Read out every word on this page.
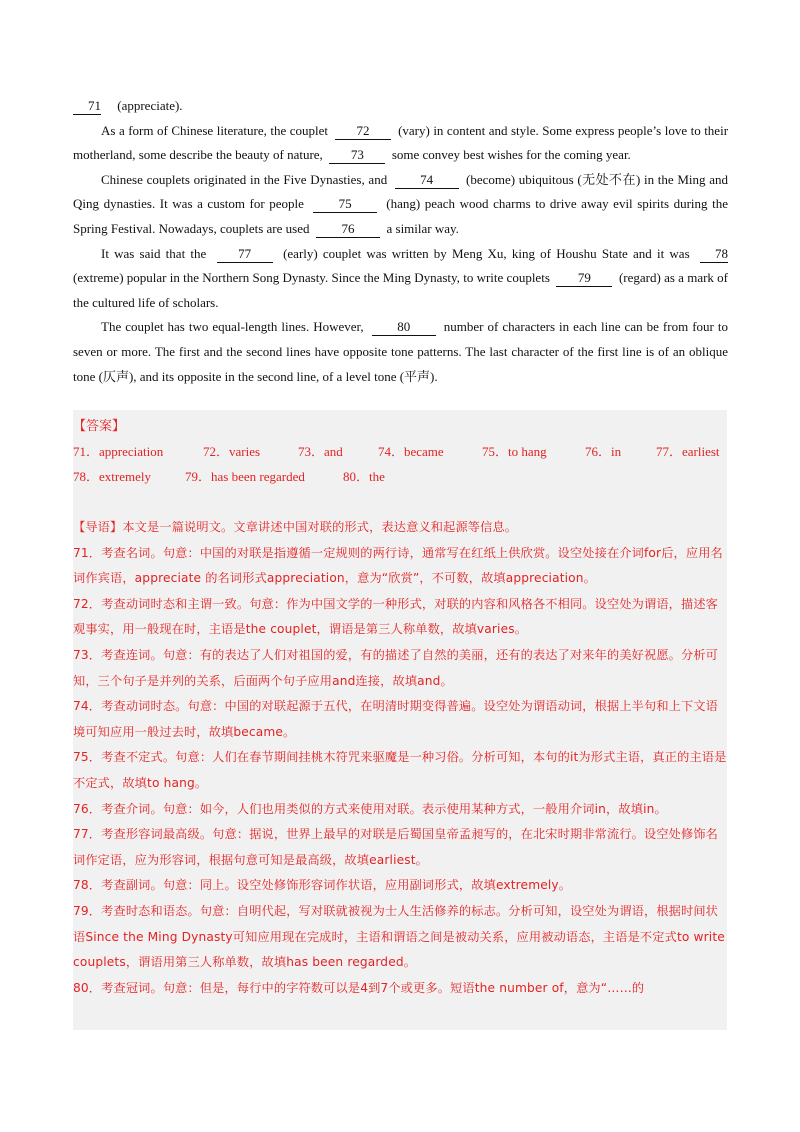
71 (appreciate).

As a form of Chinese literature, the couplet 72 (vary) in content and style. Some express people’s love to their motherland, some describe the beauty of nature, 73 some convey best wishes for the coming year.

Chinese couplets originated in the Five Dynasties, and	74	(become) ubiquitous (无处不在) in the Ming and Qing dynasties. It was a custom for people	75	(hang) peach wood charms to drive away evil spirits during the Spring Festival. Nowadays, couplets are used 76 a similar way.

It was said that the 77 (early) couplet was written by Meng Xu, king of Houshu State and it was 78 (extreme) popular in the Northern Song Dynasty. Since the Ming Dynasty, to write couplets 79 (regard) as a mark of the cultured life of scholars.

The couplet has two equal-length lines. However,	80	number of characters in each line can be from four to seven or more. The first and the second lines have opposite tone patterns. The last character of the first line is of an oblique tone (仄声), and its opposite in the second line, of a level tone (平声).

【答案】
71．appreciation	72．varies	73．and	74．became	75．to hang	76．in	77．earliest
78．extremely	79．has been regarded	80．the

【导语】本文是一篇说明文。文章讲述中国对联的形式，表达意义和起源等信息。

71．考查名词。句意：中国的对联是指遵循一定规则的两行诗，通常写在红纸上供欣赏。设空处接在介词for后，应用名词作宾语，appreciate 的名词形式appreciation，意为“欣赏”，不可数，故填appreciation。

72．考查动词时态和主谓一致。句意：作为中国文学的一种形式，对联的内容和风格各不相同。设空处为谓语，描述客观事实，用一般现在时，主语是the couplet，谓语是第三人称单数，故填varies。

73．考查连词。句意：有的表达了人们对祖国的爱，有的描述了自然的美丽，还有的表达了对来年的美好祝愿。分析可知，三个句子是并列的关系，后面两个句子应用and连接，故填and。

74．考查动词时态。句意：中国的对联起源于五代，在明清时期变得普遍。设空处为谓语动词，根据上半句和上下文语境可知应用一般过去时，故填became。

75．考查不定式。句意：人们在春节期间挂桃木符咒来驱魔是一种习俗。分析可知，本句的it为形式主语，真正的主语是不定式，故填to hang。

76．考查介词。句意：如今，人们也用类似的方式来使用对联。表示使用某种方式，一般用介词in，故填in。

77．考查形容词最高级。句意：据说，世界上最早的对联是后蜀国皇帝孟昶写的，在北宋时期非常流行。设空处修饰名词作定语，应为形容词，根据句意可知是最高级，故填earliest。

78．考查副词。句意：同上。设空处修饰形容词作状语，应用副词形式，故填extremely。

79．考查时态和语态。句意：自明代起，写对联就被视为士人生活修养的标志。分析可知，设空处为谓语，根据时间状语Since the Ming Dynasty可知应用现在完成时，主语和谓语之间是被动关系，应用被动语态，主语是不定式to write couplets，谓语用第三人称单数，故填has been regarded。

80．考查冠词。句意：但是，每行中的字符数可以是4到7个或更多。短语the number of，意为“……的
